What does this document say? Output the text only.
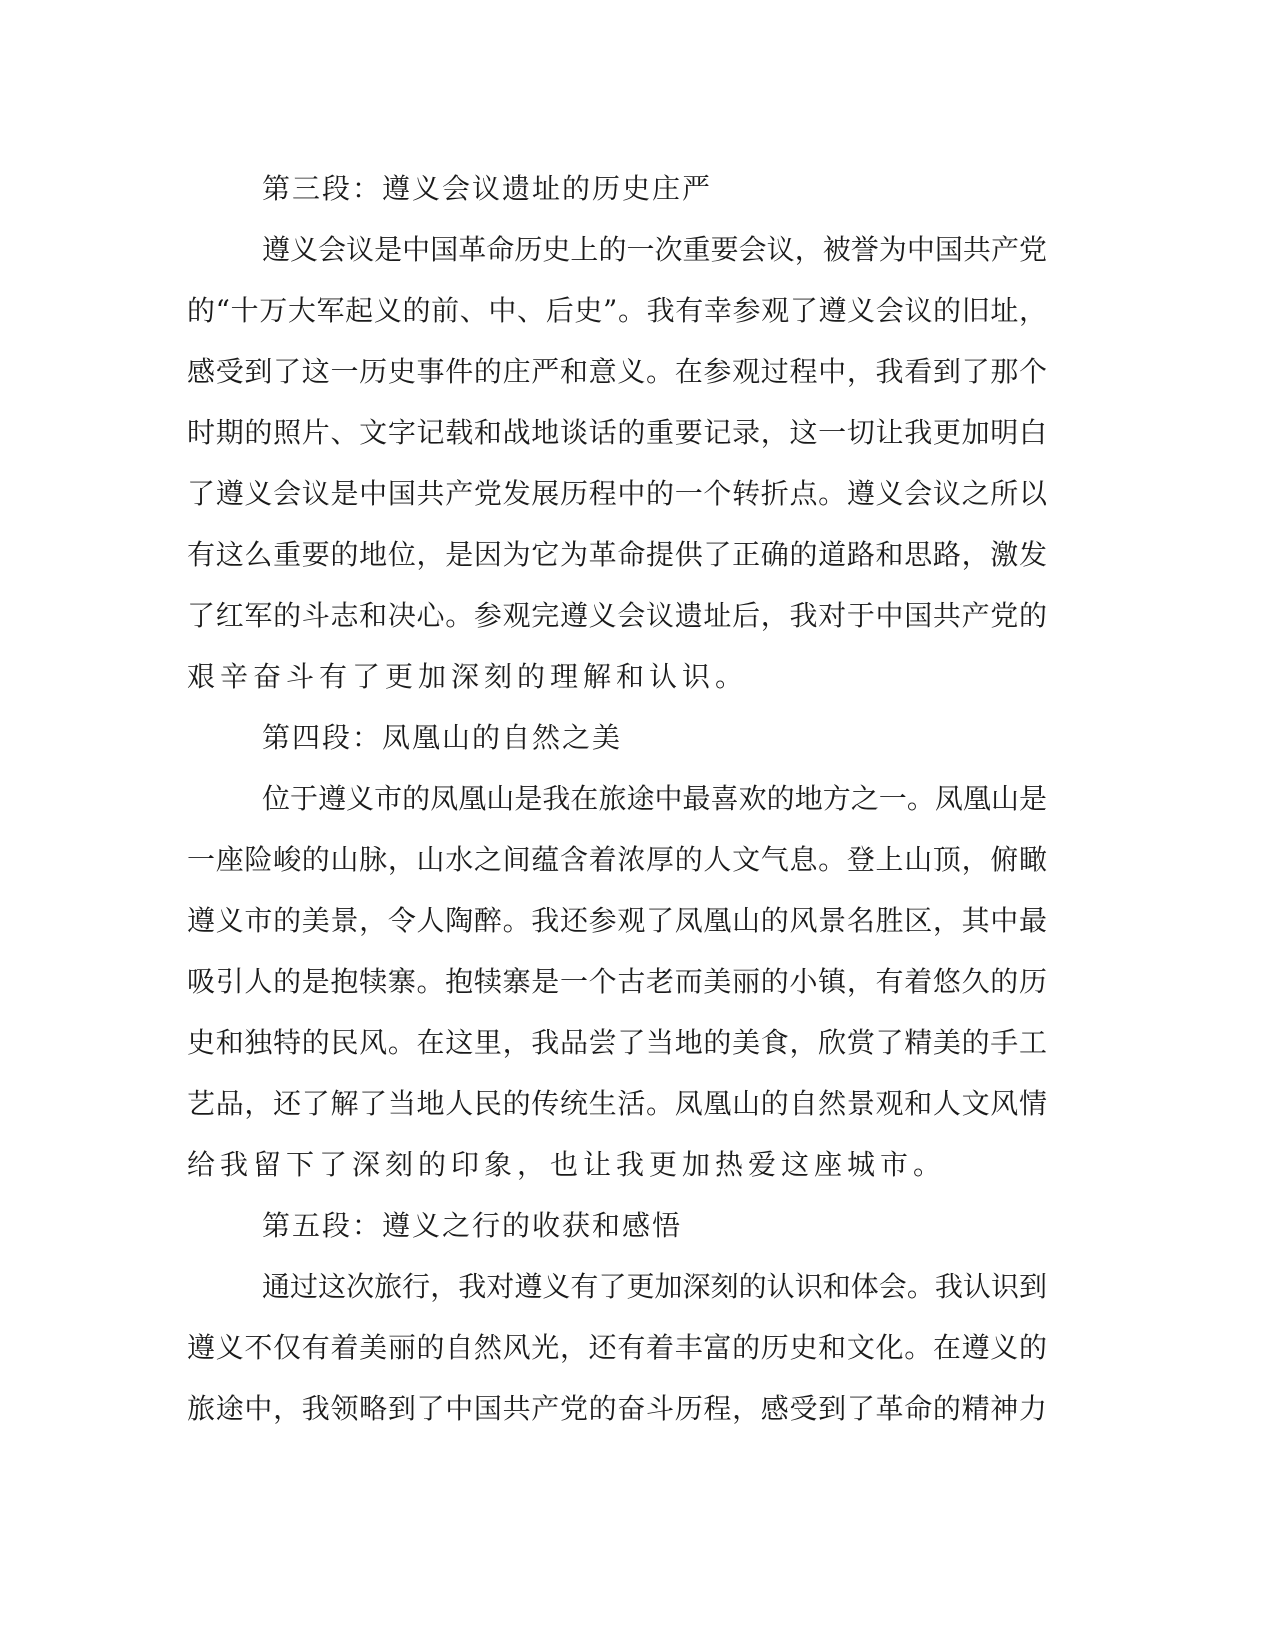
第三段：遵义会议遗址的历史庄严
遵义会议是中国革命历史上的一次重要会议，被誉为中国共产党
的“十万大军起义的前、中、后史”。我有幸参观了遵义会议的旧址，
感受到了这一历史事件的庄严和意义。在参观过程中，我看到了那个
时期的照片、文字记载和战地谈话的重要记录，这一切让我更加明白
了遵义会议是中国共产党发展历程中的一个转折点。遵义会议之所以
有这么重要的地位，是因为它为革命提供了正确的道路和思路，激发
了红军的斗志和决心。参观完遵义会议遗址后，我对于中国共产党的
艰辛奋斗有了更加深刻的理解和认识。
第四段：凤凰山的自然之美
位于遵义市的凤凰山是我在旅途中最喜欢的地方之一。凤凰山是
一座险峻的山脉，山水之间蕴含着浓厚的人文气息。登上山顶，俯瞰
遵义市的美景，令人陶醉。我还参观了凤凰山的风景名胜区，其中最
吸引人的是抱犊寨。抱犊寨是一个古老而美丽的小镇，有着悠久的历
史和独特的民风。在这里，我品尝了当地的美食，欣赏了精美的手工
艺品，还了解了当地人民的传统生活。凤凰山的自然景观和人文风情
给我留下了深刻的印象，也让我更加热爱这座城市。
第五段：遵义之行的收获和感悟
通过这次旅行，我对遵义有了更加深刻的认识和体会。我认识到
遵义不仅有着美丽的自然风光，还有着丰富的历史和文化。在遵义的
旅途中，我领略到了中国共产党的奋斗历程，感受到了革命的精神力
